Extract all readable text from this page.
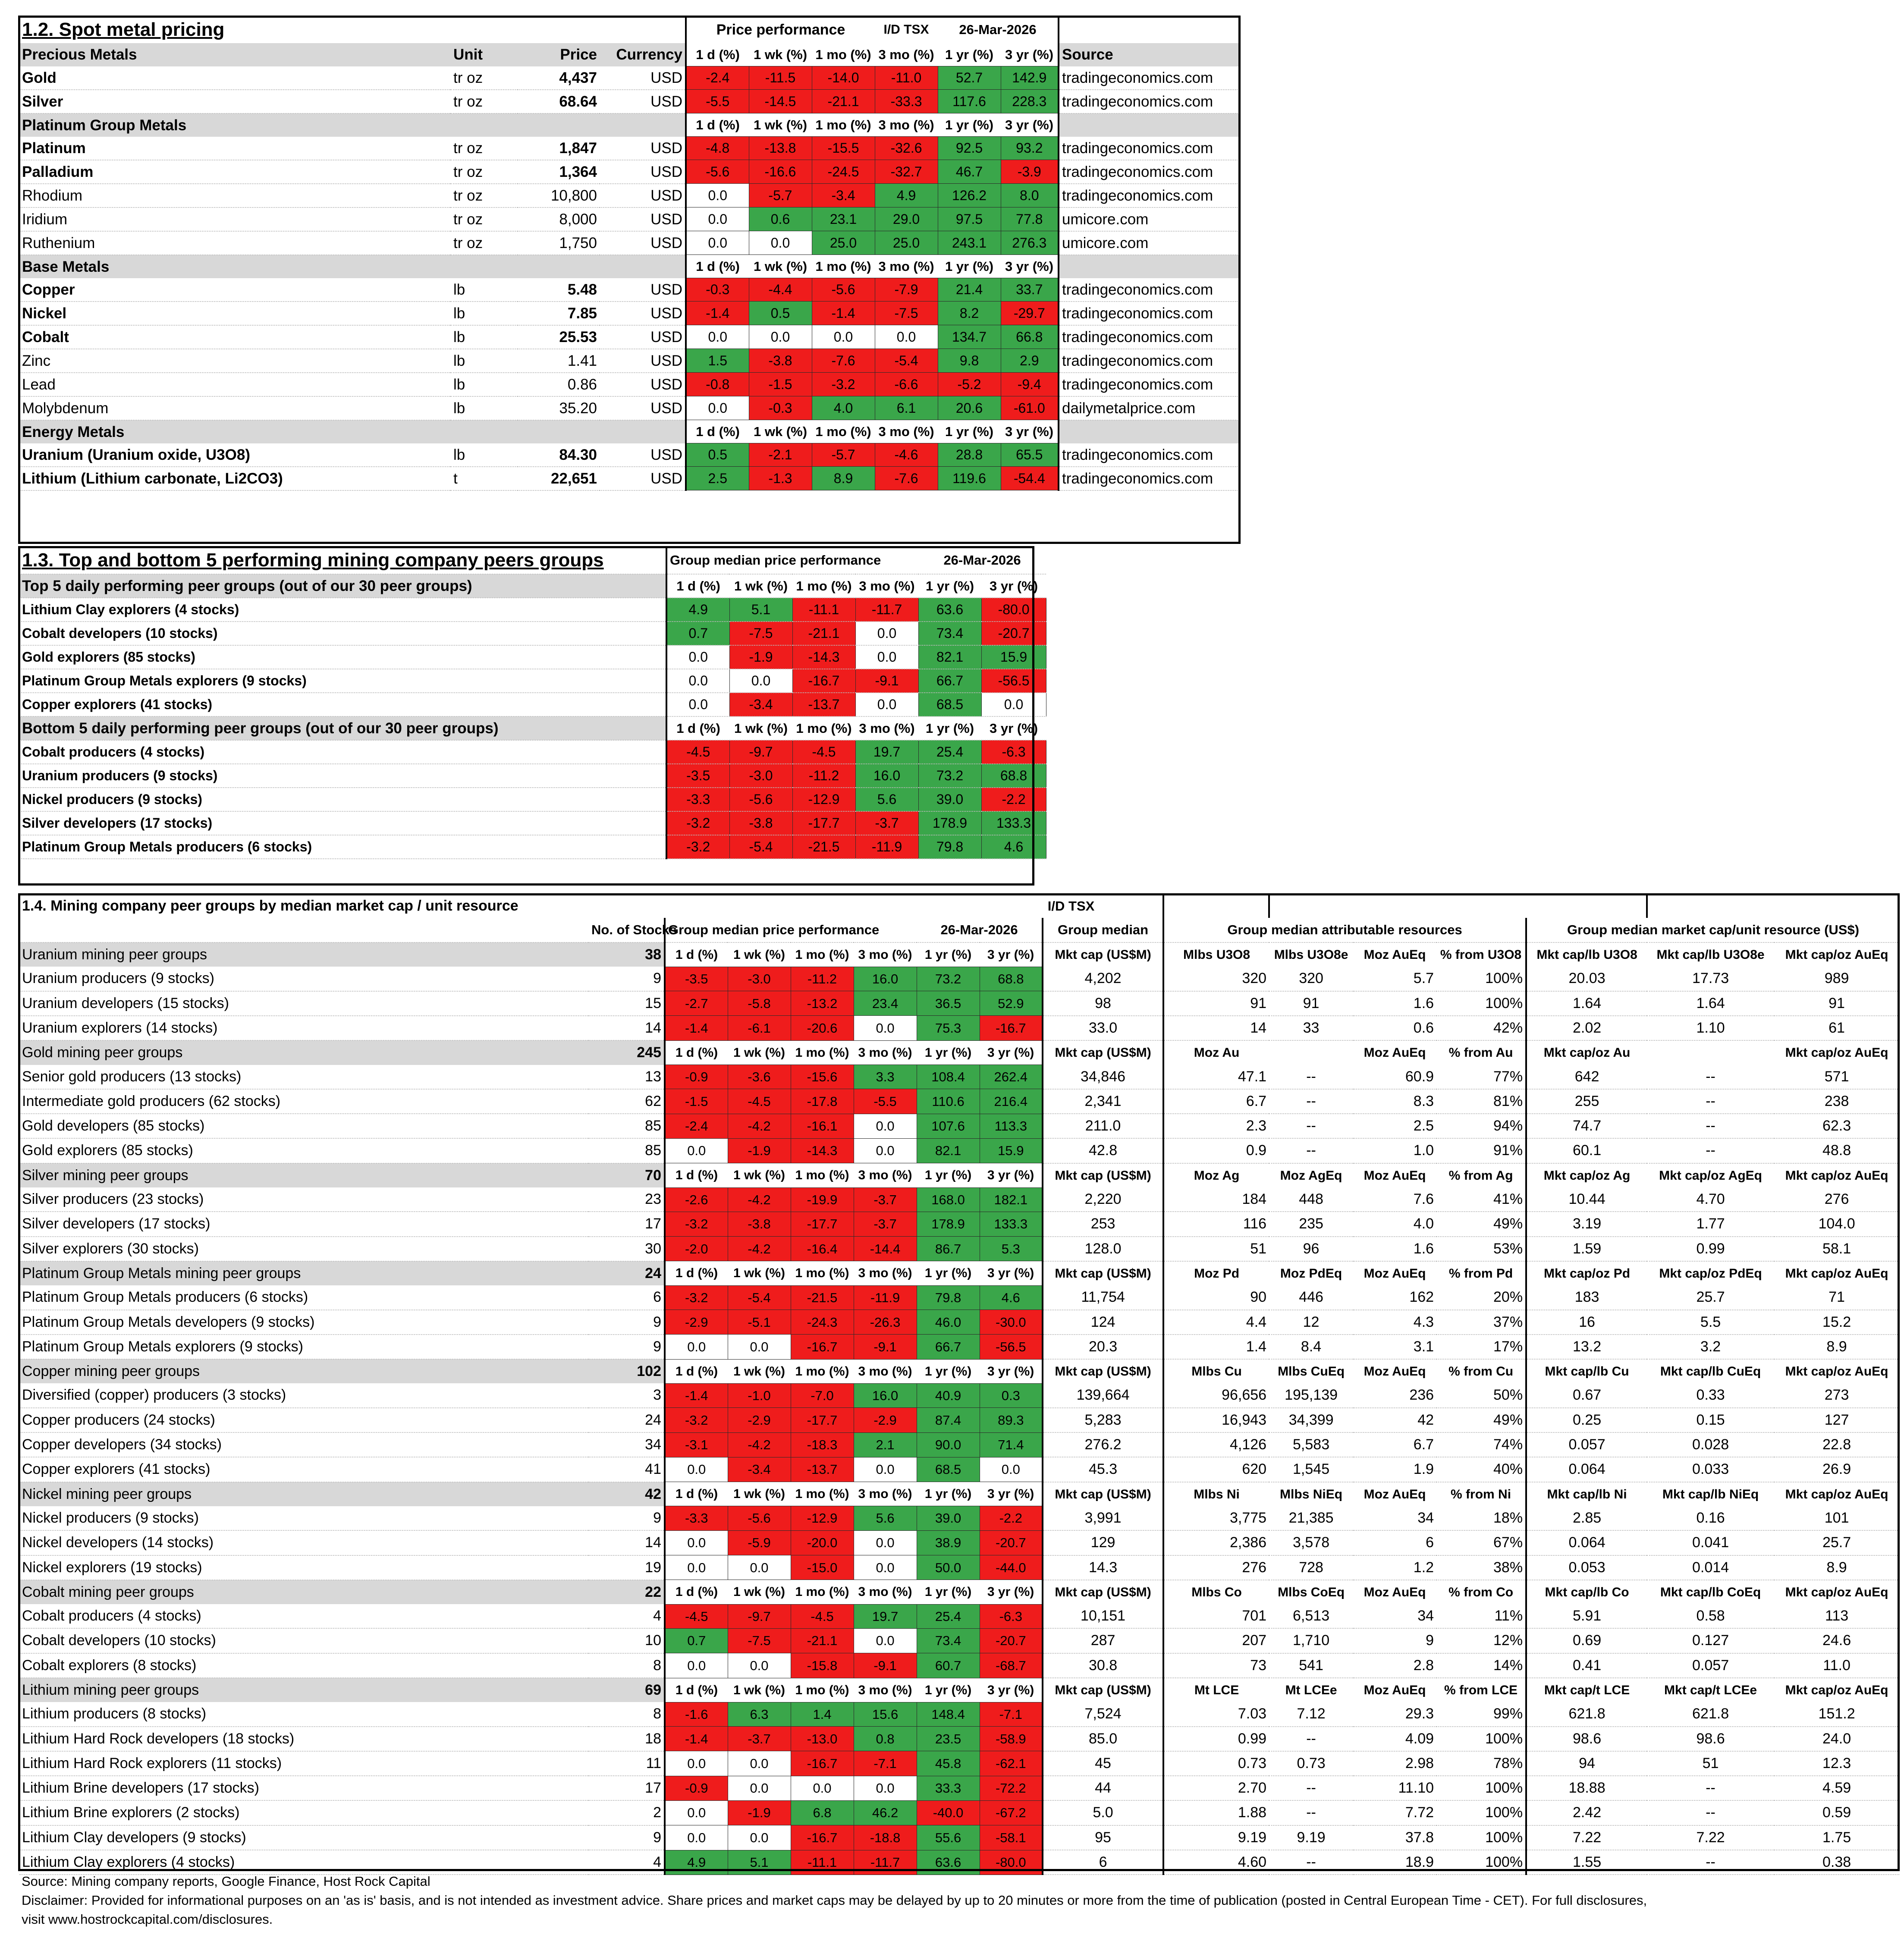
1.2. Spot metal pricing				Price performance			I/D TSX	26-Mar-2026		
Precious Metals	Unit	Price	Currency	1 d (%)	1 wk (%)	1 mo (%)	3 mo (%)	1 yr (%)	3 yr (%)	Source
Gold	tr oz	4,437	USD	-2.4	-11.5	-14.0	-11.0	52.7	142.9	tradingeconomics.com
Silver	tr oz	68.64	USD	-5.5	-14.5	-21.1	-33.3	117.6	228.3	tradingeconomics.com
Platinum Group Metals				1 d (%)	1 wk (%)	1 mo (%)	3 mo (%)	1 yr (%)	3 yr (%)	
Platinum	tr oz	1,847	USD	-4.8	-13.8	-15.5	-32.6	92.5	93.2	tradingeconomics.com
Palladium	tr oz	1,364	USD	-5.6	-16.6	-24.5	-32.7	46.7	-3.9	tradingeconomics.com
Rhodium	tr oz	10,800	USD	0.0	-5.7	-3.4	4.9	126.2	8.0	tradingeconomics.com
Iridium	tr oz	8,000	USD	0.0	0.6	23.1	29.0	97.5	77.8	umicore.com
Ruthenium	tr oz	1,750	USD	0.0	0.0	25.0	25.0	243.1	276.3	umicore.com
Base Metals				1 d (%)	1 wk (%)	1 mo (%)	3 mo (%)	1 yr (%)	3 yr (%)	
Copper	lb	5.48	USD	-0.3	-4.4	-5.6	-7.9	21.4	33.7	tradingeconomics.com
Nickel	lb	7.85	USD	-1.4	0.5	-1.4	-7.5	8.2	-29.7	tradingeconomics.com
Cobalt	lb	25.53	USD	0.0	0.0	0.0	0.0	134.7	66.8	tradingeconomics.com
Zinc	lb	1.41	USD	1.5	-3.8	-7.6	-5.4	9.8	2.9	tradingeconomics.com
Lead	lb	0.86	USD	-0.8	-1.5	-3.2	-6.6	-5.2	-9.4	tradingeconomics.com
Molybdenum	lb	35.20	USD	0.0	-0.3	4.0	6.1	20.6	-61.0	dailymetalprice.com
Energy Metals				1 d (%)	1 wk (%)	1 mo (%)	3 mo (%)	1 yr (%)	3 yr (%)	
Uranium (Uranium oxide, U3O8)	lb	84.30	USD	0.5	-2.1	-5.7	-4.6	28.8	65.5	tradingeconomics.com
Lithium (Lithium carbonate, Li2CO3)	t	22,651	USD	2.5	-1.3	8.9	-7.6	119.6	-54.4	tradingeconomics.com
1.3. Top and bottom 5 performing mining company peers groups	Group median price performance				26-Mar-2026	
Top 5 daily performing peer groups (out of our 30 peer groups)	1 d (%)	1 wk (%)	1 mo (%)	3 mo (%)	1 yr (%)	3 yr (%)
Lithium Clay explorers (4 stocks)	4.9	5.1	-11.1	-11.7	63.6	-80.0
Cobalt developers (10 stocks)	0.7	-7.5	-21.1	0.0	73.4	-20.7
Gold explorers (85 stocks)	0.0	-1.9	-14.3	0.0	82.1	15.9
Platinum Group Metals explorers (9 stocks)	0.0	0.0	-16.7	-9.1	66.7	-56.5
Copper explorers (41 stocks)	0.0	-3.4	-13.7	0.0	68.5	0.0
Bottom 5 daily performing peer groups (out of our 30 peer groups)	1 d (%)	1 wk (%)	1 mo (%)	3 mo (%)	1 yr (%)	3 yr (%)
Cobalt producers (4 stocks)	-4.5	-9.7	-4.5	19.7	25.4	-6.3
Uranium producers (9 stocks)	-3.5	-3.0	-11.2	16.0	73.2	68.8
Nickel producers (9 stocks)	-3.3	-5.6	-12.9	5.6	39.0	-2.2
Silver developers (17 stocks)	-3.2	-3.8	-17.7	-3.7	178.9	133.3
Platinum Group Metals producers (6 stocks)	-3.2	-5.4	-21.5	-11.9	79.8	4.6
1.4. Mining company peer groups by median market cap / unit resource							I/D TSX								
	No. of Stocks	Group median price performance				26-Mar-2026		Group median	Group median attributable resources				Group median market cap/unit resource (US$)		
Uranium mining peer groups	38	1 d (%)	1 wk (%)	1 mo (%)	3 mo (%)	1 yr (%)	3 yr (%)	Mkt cap (US$M)	Mlbs U3O8	Mlbs U3O8e	Moz AuEq	% from U3O8	Mkt cap/lb U3O8	Mkt cap/lb U3O8e	Mkt cap/oz AuEq
Uranium producers (9 stocks)	9	-3.5	-3.0	-11.2	16.0	73.2	68.8	4,202	320	320	5.7	100%	20.03	17.73	989
Uranium developers (15 stocks)	15	-2.7	-5.8	-13.2	23.4	36.5	52.9	98	91	91	1.6	100%	1.64	1.64	91
Uranium explorers (14 stocks)	14	-1.4	-6.1	-20.6	0.0	75.3	-16.7	33.0	14	33	0.6	42%	2.02	1.10	61
Gold mining peer groups	245	1 d (%)	1 wk (%)	1 mo (%)	3 mo (%)	1 yr (%)	3 yr (%)	Mkt cap (US$M)	Moz Au		Moz AuEq	% from Au	Mkt cap/oz Au		Mkt cap/oz AuEq
Senior gold producers (13 stocks)	13	-0.9	-3.6	-15.6	3.3	108.4	262.4	34,846	47.1	--	60.9	77%	642	--	571
Intermediate gold producers (62 stocks)	62	-1.5	-4.5	-17.8	-5.5	110.6	216.4	2,341	6.7	--	8.3	81%	255	--	238
Gold developers (85 stocks)	85	-2.4	-4.2	-16.1	0.0	107.6	113.3	211.0	2.3	--	2.5	94%	74.7	--	62.3
Gold explorers (85 stocks)	85	0.0	-1.9	-14.3	0.0	82.1	15.9	42.8	0.9	--	1.0	91%	60.1	--	48.8
Silver mining peer groups	70	1 d (%)	1 wk (%)	1 mo (%)	3 mo (%)	1 yr (%)	3 yr (%)	Mkt cap (US$M)	Moz Ag	Moz AgEq	Moz AuEq	% from Ag	Mkt cap/oz Ag	Mkt cap/oz AgEq	Mkt cap/oz AuEq
Silver producers (23 stocks)	23	-2.6	-4.2	-19.9	-3.7	168.0	182.1	2,220	184	448	7.6	41%	10.44	4.70	276
Silver developers (17 stocks)	17	-3.2	-3.8	-17.7	-3.7	178.9	133.3	253	116	235	4.0	49%	3.19	1.77	104.0
Silver explorers (30 stocks)	30	-2.0	-4.2	-16.4	-14.4	86.7	5.3	128.0	51	96	1.6	53%	1.59	0.99	58.1
Platinum Group Metals mining peer groups	24	1 d (%)	1 wk (%)	1 mo (%)	3 mo (%)	1 yr (%)	3 yr (%)	Mkt cap (US$M)	Moz Pd	Moz PdEq	Moz AuEq	% from Pd	Mkt cap/oz Pd	Mkt cap/oz PdEq	Mkt cap/oz AuEq
Platinum Group Metals producers (6 stocks)	6	-3.2	-5.4	-21.5	-11.9	79.8	4.6	11,754	90	446	162	20%	183	25.7	71
Platinum Group Metals developers (9 stocks)	9	-2.9	-5.1	-24.3	-26.3	46.0	-30.0	124	4.4	12	4.3	37%	16	5.5	15.2
Platinum Group Metals explorers (9 stocks)	9	0.0	0.0	-16.7	-9.1	66.7	-56.5	20.3	1.4	8.4	3.1	17%	13.2	3.2	8.9
Copper mining peer groups	102	1 d (%)	1 wk (%)	1 mo (%)	3 mo (%)	1 yr (%)	3 yr (%)	Mkt cap (US$M)	Mlbs Cu	Mlbs CuEq	Moz AuEq	% from Cu	Mkt cap/lb Cu	Mkt cap/lb CuEq	Mkt cap/oz AuEq
Diversified (copper) producers (3 stocks)	3	-1.4	-1.0	-7.0	16.0	40.9	0.3	139,664	96,656	195,139	236	50%	0.67	0.33	273
Copper producers (24 stocks)	24	-3.2	-2.9	-17.7	-2.9	87.4	89.3	5,283	16,943	34,399	42	49%	0.25	0.15	127
Copper developers (34 stocks)	34	-3.1	-4.2	-18.3	2.1	90.0	71.4	276.2	4,126	5,583	6.7	74%	0.057	0.028	22.8
Copper explorers (41 stocks)	41	0.0	-3.4	-13.7	0.0	68.5	0.0	45.3	620	1,545	1.9	40%	0.064	0.033	26.9
Nickel mining peer groups	42	1 d (%)	1 wk (%)	1 mo (%)	3 mo (%)	1 yr (%)	3 yr (%)	Mkt cap (US$M)	Mlbs Ni	Mlbs NiEq	Moz AuEq	% from Ni	Mkt cap/lb Ni	Mkt cap/lb NiEq	Mkt cap/oz AuEq
Nickel producers (9 stocks)	9	-3.3	-5.6	-12.9	5.6	39.0	-2.2	3,991	3,775	21,385	34	18%	2.85	0.16	101
Nickel developers (14 stocks)	14	0.0	-5.9	-20.0	0.0	38.9	-20.7	129	2,386	3,578	6	67%	0.064	0.041	25.7
Nickel explorers (19 stocks)	19	0.0	0.0	-15.0	0.0	50.0	-44.0	14.3	276	728	1.2	38%	0.053	0.014	8.9
Cobalt mining peer groups	22	1 d (%)	1 wk (%)	1 mo (%)	3 mo (%)	1 yr (%)	3 yr (%)	Mkt cap (US$M)	Mlbs Co	Mlbs CoEq	Moz AuEq	% from Co	Mkt cap/lb Co	Mkt cap/lb CoEq	Mkt cap/oz AuEq
Cobalt producers (4 stocks)	4	-4.5	-9.7	-4.5	19.7	25.4	-6.3	10,151	701	6,513	34	11%	5.91	0.58	113
Cobalt developers (10 stocks)	10	0.7	-7.5	-21.1	0.0	73.4	-20.7	287	207	1,710	9	12%	0.69	0.127	24.6
Cobalt explorers (8 stocks)	8	0.0	0.0	-15.8	-9.1	60.7	-68.7	30.8	73	541	2.8	14%	0.41	0.057	11.0
Lithium mining peer groups	69	1 d (%)	1 wk (%)	1 mo (%)	3 mo (%)	1 yr (%)	3 yr (%)	Mkt cap (US$M)	Mt LCE	Mt LCEe	Moz AuEq	% from LCE	Mkt cap/t LCE	Mkt cap/t LCEe	Mkt cap/oz AuEq
Lithium producers (8 stocks)	8	-1.6	6.3	1.4	15.6	148.4	-7.1	7,524	7.03	7.12	29.3	99%	621.8	621.8	151.2
Lithium Hard Rock developers (18 stocks)	18	-1.4	-3.7	-13.0	0.8	23.5	-58.9	85.0	0.99	--	4.09	100%	98.6	98.6	24.0
Lithium Hard Rock explorers (11 stocks)	11	0.0	0.0	-16.7	-7.1	45.8	-62.1	45	0.73	0.73	2.98	78%	94	51	12.3
Lithium Brine developers (17 stocks)	17	-0.9	0.0	0.0	0.0	33.3	-72.2	44	2.70	--	11.10	100%	18.88	--	4.59
Lithium Brine explorers (2 stocks)	2	0.0	-1.9	6.8	46.2	-40.0	-67.2	5.0	1.88	--	7.72	100%	2.42	--	0.59
Lithium Clay developers (9 stocks)	9	0.0	0.0	-16.7	-18.8	55.6	-58.1	95	9.19	9.19	37.8	100%	7.22	7.22	1.75
Lithium Clay explorers (4 stocks)	4	4.9	5.1	-11.1	-11.7	63.6	-80.0	6	4.60	--	18.9	100%	1.55	--	0.38
Source: Mining company reports, Google Finance, Host Rock Capital
Disclaimer: Provided for informational purposes on an 'as is' basis, and is not intended as investment advice. Share prices and market caps may be delayed by up to 20 minutes or more from the time of publication (posted in Central European Time - CET). For full disclosures,
visit www.hostrockcapital.com/disclosures.
